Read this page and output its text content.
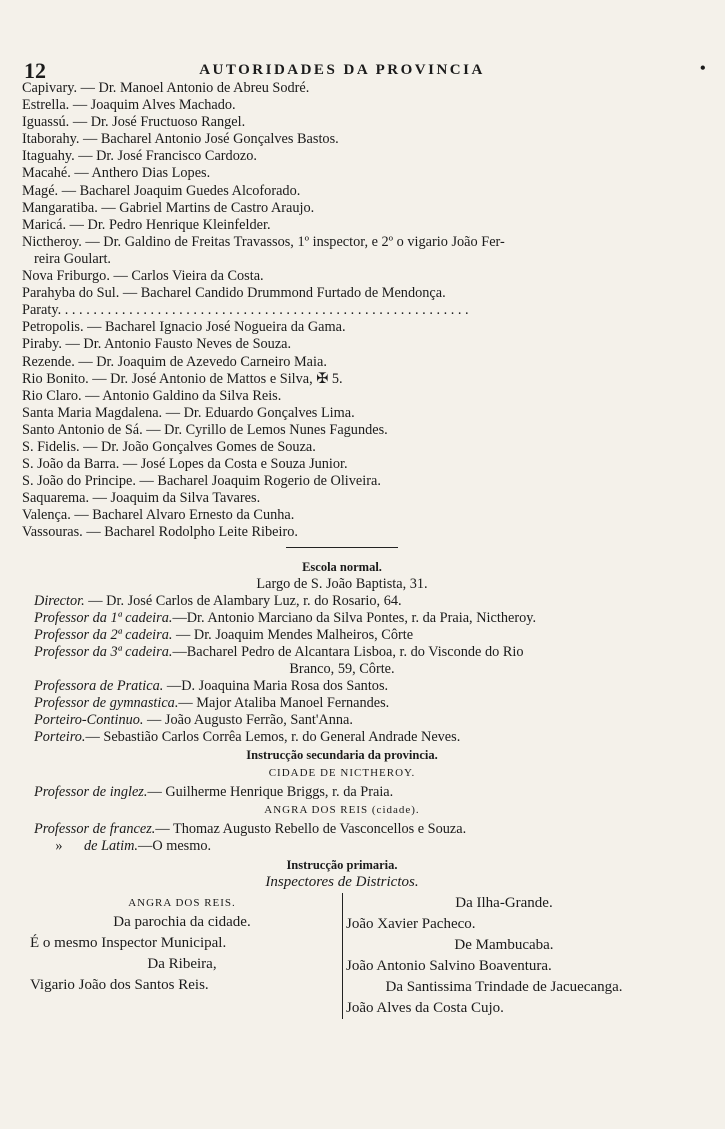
•
12	AUTORIDADES DA PROVINCIA
Capivary. — Dr. Manoel Antonio de Abreu Sodré.
Estrella. — Joaquim Alves Machado.
Iguassú. — Dr. José Fructuoso Rangel.
Itaborahy. — Bacharel Antonio José Gonçalves Bastos.
Itaguahy. — Dr. José Francisco Cardozo.
Macahé. — Anthero Dias Lopes.
Magé. — Bacharel Joaquim Guedes Alcoforado.
Mangaratiba. — Gabriel Martins de Castro Araujo.
Maricá. — Dr. Pedro Henrique Kleinfelder.
Nictheroy. — Dr. Galdino de Freitas Travassos, 1º inspector, e 2º o vigario João Fer-
reira Goulart.
Nova Friburgo. — Carlos Vieira da Costa.
Parahyba do Sul. — Bacharel Candido Drummond Furtado de Mendonça.
Paraty. . . . . . . . . . . . . . . . . . . . . . . . . . . . . . . . . . . . . . . . . . . . . . . . . . . . . . . . . .
Petropolis. — Bacharel Ignacio José Nogueira da Gama.
Piraby. — Dr. Antonio Fausto Neves de Souza.
Rezende. — Dr. Joaquim de Azevedo Carneiro Maia.
Rio Bonito. — Dr. José Antonio de Mattos e Silva, ✠ 5.
Rio Claro. — Antonio Galdino da Silva Reis.
Santa Maria Magdalena. — Dr. Eduardo Gonçalves Lima.
Santo Antonio de Sá. — Dr. Cyrillo de Lemos Nunes Fagundes.
S. Fidelis. — Dr. João Gonçalves Gomes de Souza.
S. João da Barra. — José Lopes da Costa e Souza Junior.
S. João do Principe. — Bacharel Joaquim Rogerio de Oliveira.
Saquarema. — Joaquim da Silva Tavares.
Valença. — Bacharel Alvaro Ernesto da Cunha.
Vassouras. — Bacharel Rodolpho Leite Ribeiro.
Escola normal.
Largo de S. João Baptista, 31.
Director. — Dr. José Carlos de Alambary Luz, r. do Rosario, 64.
Professor da 1ª cadeira.—Dr. Antonio Marciano da Silva Pontes, r. da Praia, Nictheroy.
Professor da 2ª cadeira. — Dr. Joaquim Mendes Malheiros, Côrte
Professor da 3ª cadeira.—Bacharel Pedro de Alcantara Lisboa, r. do Visconde do Rio
Branco, 59, Côrte.
Professora de Pratica. —D. Joaquina Maria Rosa dos Santos.
Professor de gymnastica.— Major Ataliba Manoel Fernandes.
Porteiro-Continuo. — João Augusto Ferrão, Sant'Anna.
Porteiro.— Sebastião Carlos Corrêa Lemos, r. do General Andrade Neves.
Instrucção secundaria da provincia.
CIDADE DE NICTHEROY.
Professor de inglez.— Guilherme Henrique Briggs, r. da Praia.
ANGRA DOS REIS (cidade).
Professor de francez.— Thomaz Augusto Rebello de Vasconcellos e Souza.
» de Latim.—O mesmo.
Instrucção primaria.
Inspectores de Districtos.
ANGRA DOS REIS.
Da parochia da cidade.
É o mesmo Inspector Municipal.
Da Ribeira,
Vigario João dos Santos Reis.
Da Ilha-Grande.
João Xavier Pacheco.
De Mambucaba.
João Antonio Salvino Boaventura.
Da Santissima Trindade de Jacuecanga.
João Alves da Costa Cujo.
